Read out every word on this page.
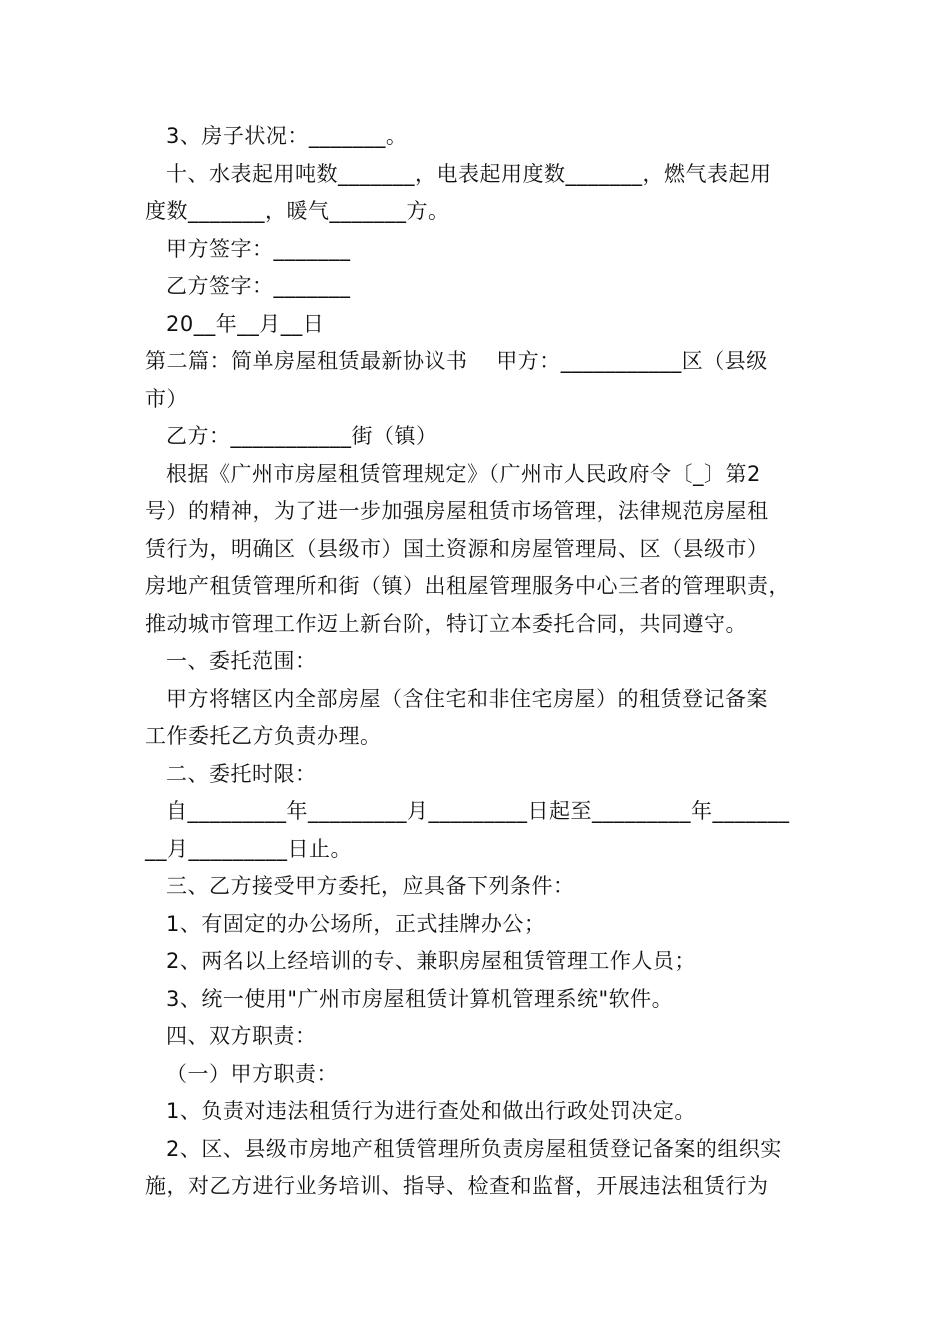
3、房子状况：_______。
十、水表起用吨数_______，电表起用度数_______，燃气表起用
度数_______，暖气_______方。
甲方签字：_______
乙方签字：_______
20__年__月__日
第二篇：简单房屋租赁最新协议书    甲方：___________区（县级
市）
乙方：___________街（镇）
根据《广州市房屋租赁管理规定》（广州市人民政府令〔_〕第2
号）的精神，为了进一步加强房屋租赁市场管理，法律规范房屋租
赁行为，明确区（县级市）国土资源和房屋管理局、区（县级市）
房地产租赁管理所和街（镇）出租屋管理服务中心三者的管理职责，
推动城市管理工作迈上新台阶，特订立本委托合同，共同遵守。
一、委托范围：
甲方将辖区内全部房屋（含住宅和非住宅房屋）的租赁登记备案
工作委托乙方负责办理。
二、委托时限：
自_________年_________月_________日起至_________年_______
__月_________日止。
三、乙方接受甲方委托，应具备下列条件：
1、有固定的办公场所，正式挂牌办公；
2、两名以上经培训的专、兼职房屋租赁管理工作人员；
3、统一使用"广州市房屋租赁计算机管理系统"软件。
四、双方职责：
（一）甲方职责：
1、负责对违法租赁行为进行查处和做出行政处罚决定。
2、区、县级市房地产租赁管理所负责房屋租赁登记备案的组织实
施，对乙方进行业务培训、指导、检查和监督，开展违法租赁行为
